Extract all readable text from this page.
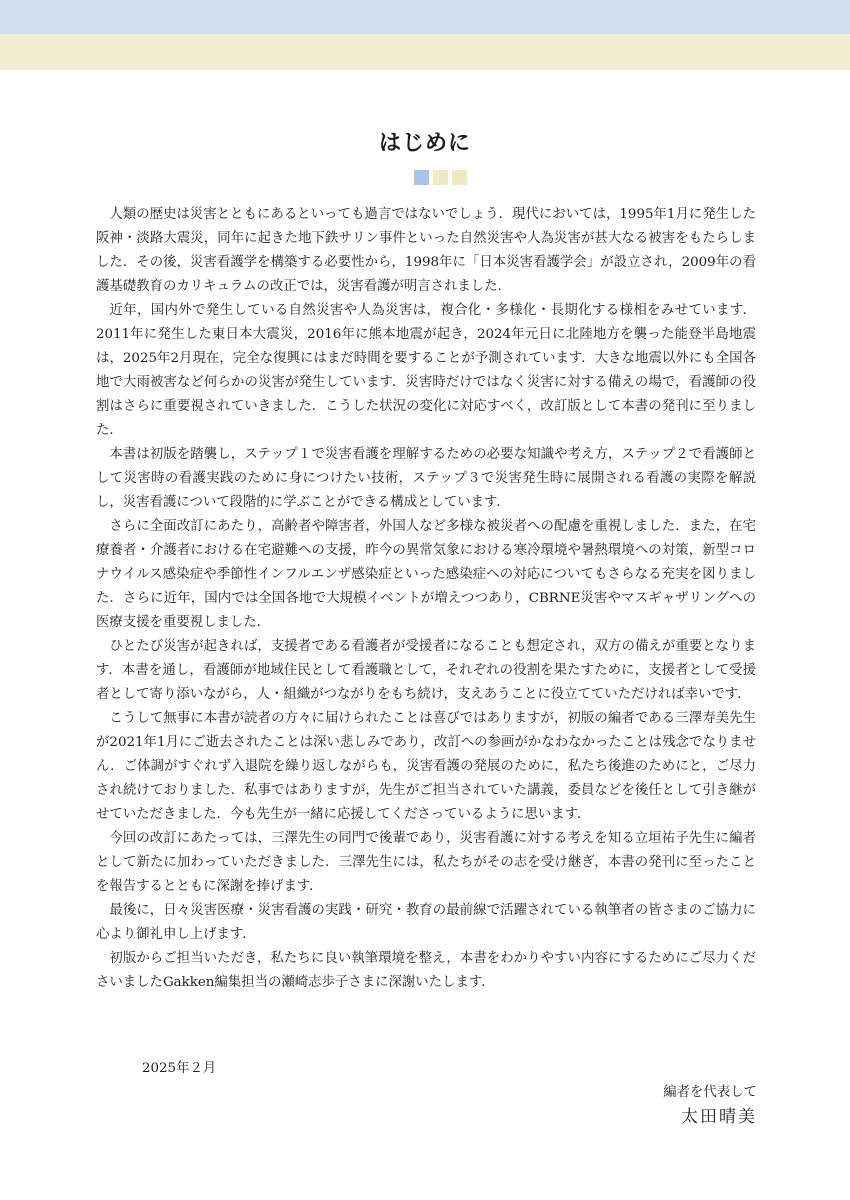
はじめに

人類の歴史は災害とともにあるといっても過言ではないでしょう．現代においては，1995年1月に発生した阪神・淡路大震災，同年に起きた地下鉄サリン事件といった自然災害や人為災害が甚大なる被害をもたらしました．その後，災害看護学を構築する必要性から，1998年に「日本災害看護学会」が設立され，2009年の看護基礎教育のカリキュラムの改正では，災害看護が明言されました．

近年，国内外で発生している自然災害や人為災害は，複合化・多様化・長期化する様相をみせています．2011年に発生した東日本大震災，2016年に熊本地震が起き，2024年元日に北陸地方を襲った能登半島地震は，2025年2月現在，完全な復興にはまだ時間を要することが予測されています．大きな地震以外にも全国各地で大雨被害など何らかの災害が発生しています．災害時だけではなく災害に対する備えの場で，看護師の役割はさらに重要視されていきました．こうした状況の変化に対応すべく，改訂版として本書の発刊に至りました．

本書は初版を踏襲し，ステップ１で災害看護を理解するための必要な知識や考え方，ステップ２で看護師として災害時の看護実践のために身につけたい技術，ステップ３で災害発生時に展開される看護の実際を解説し，災害看護について段階的に学ぶことができる構成としています．

さらに全面改訂にあたり，高齢者や障害者，外国人など多様な被災者への配慮を重視しました．また，在宅療養者・介護者における在宅避難への支援，昨今の異常気象における寒冷環境や暑熱環境への対策，新型コロナウイルス感染症や季節性インフルエンザ感染症といった感染症への対応についてもさらなる充実を図りました．さらに近年，国内では全国各地で大規模イベントが増えつつあり，CBRNE災害やマスギャザリングへの医療支援を重要視しました．

ひとたび災害が起きれば，支援者である看護者が受援者になることも想定され，双方の備えが重要となります．本書を通し，看護師が地域住民として看護職として，それぞれの役割を果たすために，支援者として受援者として寄り添いながら，人・組織がつながりをもち続け，支えあうことに役立てていただければ幸いです．

こうして無事に本書が読者の方々に届けられたことは喜びではありますが，初版の編者である三澤寿美先生が2021年1月にご逝去されたことは深い悲しみであり，改訂への参画がかなわなかったことは残念でなりません．ご体調がすぐれず入退院を繰り返しながらも，災害看護の発展のために，私たち後進のためにと，ご尽力され続けておりました．私事ではありますが，先生がご担当されていた講義，委員などを後任として引き継がせていただきました．今も先生が一緒に応援してくださっているように思います．

今回の改訂にあたっては，三澤先生の同門で後輩であり，災害看護に対する考えを知る立垣祐子先生に編者として新たに加わっていただきました．三澤先生には，私たちがその志を受け継ぎ，本書の発刊に至ったことを報告するとともに深謝を捧げます．

最後に，日々災害医療・災害看護の実践・研究・教育の最前線で活躍されている執筆者の皆さまのご協力に心より御礼申し上げます．

初版からご担当いただき，私たちに良い執筆環境を整え，本書をわかりやすい内容にするためにご尽力くださいましたGakken編集担当の瀬崎志歩子さまに深謝いたします．

2025年２月
編者を代表して
太田晴美
